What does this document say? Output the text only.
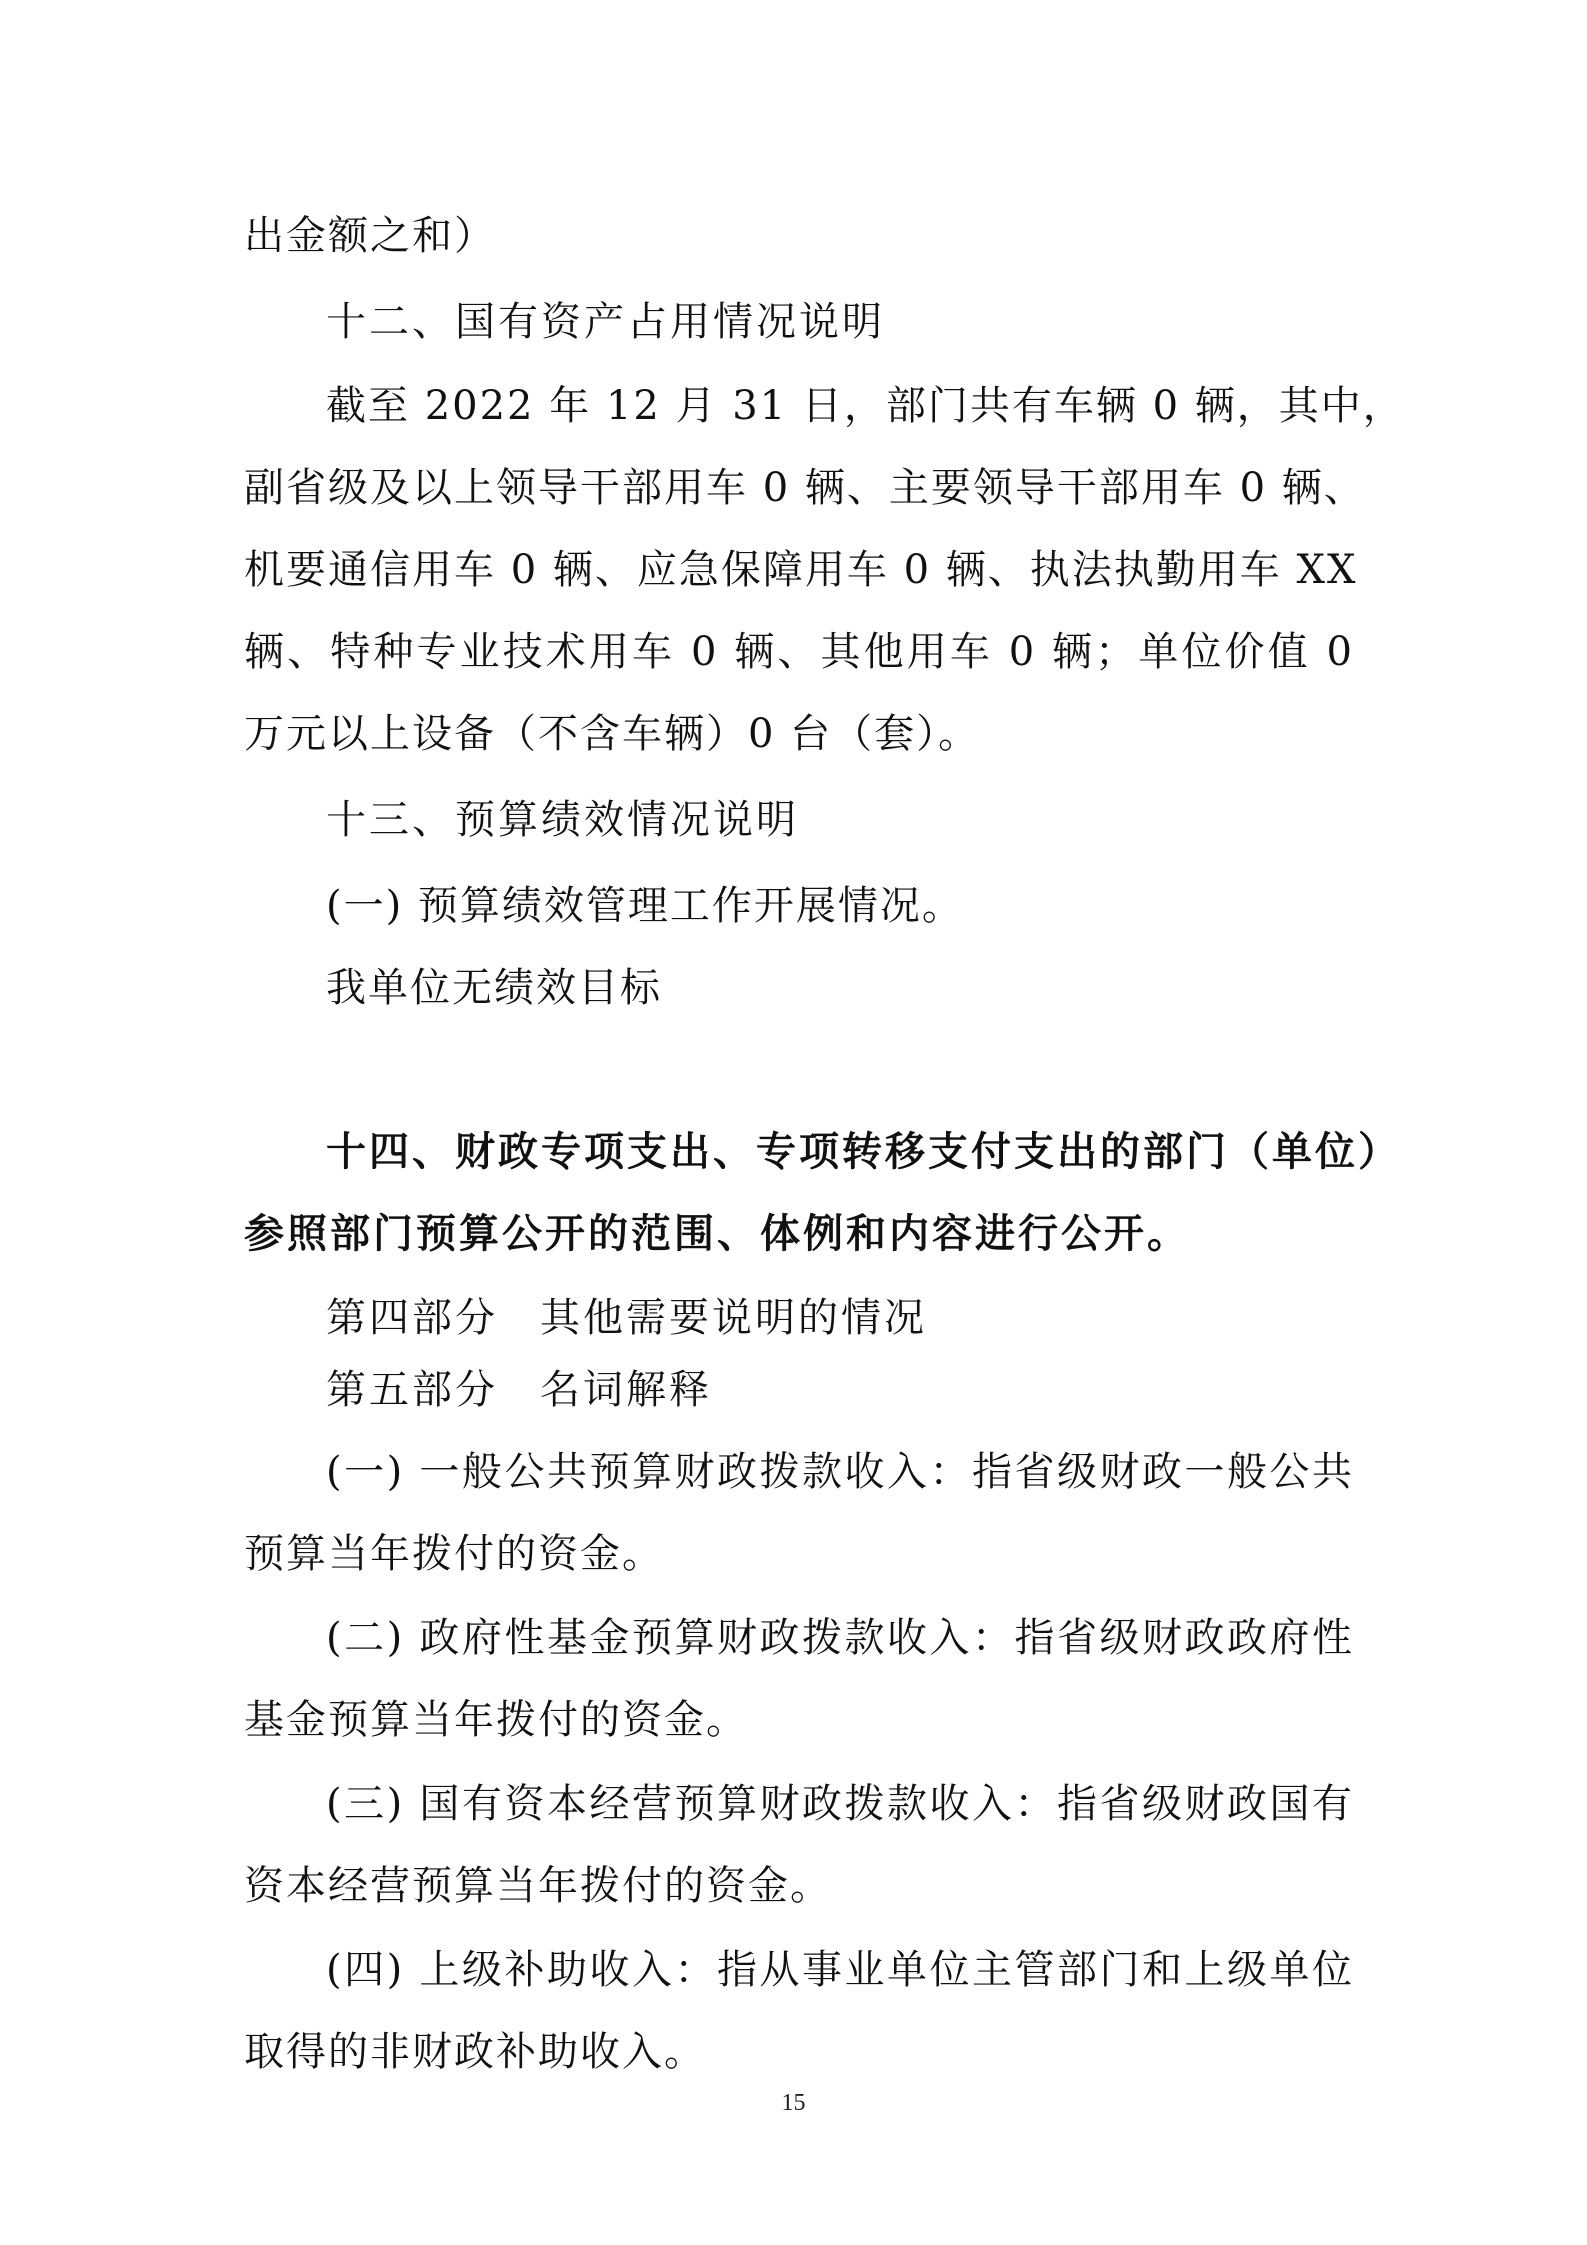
出金额之和）
十二、国有资产占用情况说明
截至 2022 年 12 月 31 日，部门共有车辆 0 辆，其中，
副省级及以上领导干部用车 0 辆、主要领导干部用车 0 辆、
机要通信用车 0 辆、应急保障用车 0 辆、执法执勤用车 XX
辆、特种专业技术用车 0 辆、其他用车 0 辆；单位价值 0
万元以上设备（不含车辆）0 台（套）。
十三、预算绩效情况说明
(一) 预算绩效管理工作开展情况。
我单位无绩效目标
十四、财政专项支出、专项转移支付支出的部门（单位）
参照部门预算公开的范围、体例和内容进行公开。
第四部分 其他需要说明的情况
第五部分 名词解释
(一) 一般公共预算财政拨款收入：指省级财政一般公共
预算当年拨付的资金。
(二) 政府性基金预算财政拨款收入：指省级财政政府性
基金预算当年拨付的资金。
(三) 国有资本经营预算财政拨款收入：指省级财政国有
资本经营预算当年拨付的资金。
(四) 上级补助收入：指从事业单位主管部门和上级单位
取得的非财政补助收入。
15
